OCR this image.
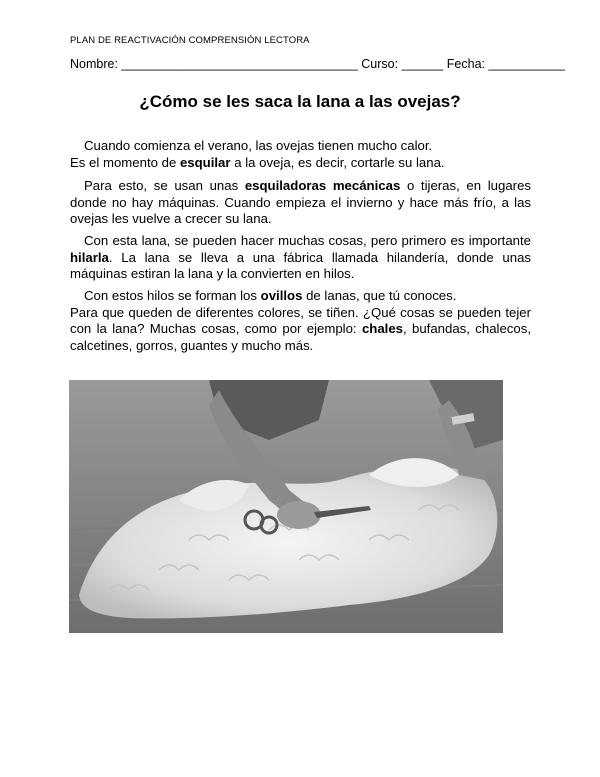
PLAN DE REACTIVACIÓN COMPRENSIÓN LECTORA
Nombre: __________________________________ Curso: ______ Fecha: ___________
¿Cómo se les saca la lana a las ovejas?
Cuando comienza el verano, las ovejas tienen mucho calor.
Es el momento de esquilar a la oveja, es decir, cortarle su lana.
Para esto, se usan unas esquiladoras mecánicas o tijeras, en lugares donde no hay máquinas. Cuando empieza el invierno y hace más frío, a las ovejas les vuelve a crecer su lana.
Con esta lana, se pueden hacer muchas cosas, pero primero es importante hilarla. La lana se lleva a una fábrica llamada hilandería, donde unas máquinas estiran la lana y la convierten en hilos.
Con estos hilos se forman los ovillos de lanas, que tú conoces.
Para que queden de diferentes colores, se tiñen. ¿Qué cosas se pueden tejer con la lana? Muchas cosas, como por ejemplo: chales, bufandas, chalecos, calcetines, gorros, guantes y mucho más.
